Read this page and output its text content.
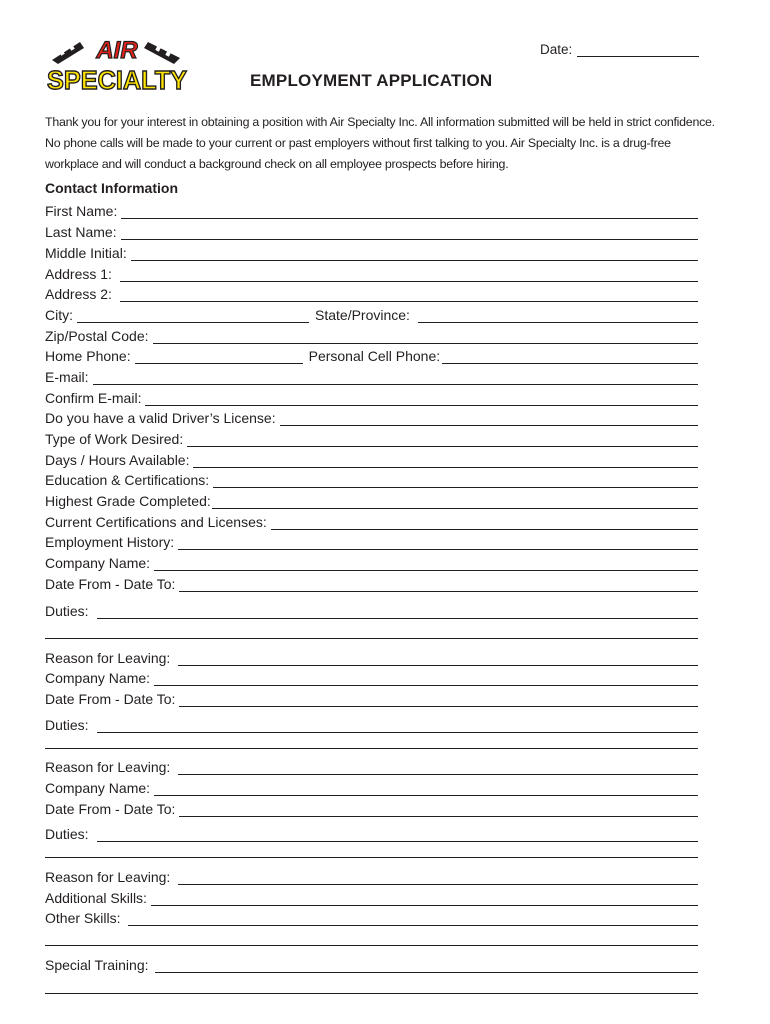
AIR
SPECIALTY
Date:
EMPLOYMENT APPLICATION
Thank you for your interest in obtaining a position with Air Specialty Inc. All information submitted will be held in strict confidence. No phone calls will be made to your current or past employers without first talking to you. Air Specialty Inc. is a drug-free workplace and will conduct a background check on all employee prospects before hiring.
Contact Information
First Name:
Last Name:
Middle Initial:
Address 1:
Address 2:
City:	State/Province:
Zip/Postal Code:
Home Phone:	Personal Cell Phone:
E-mail:
Confirm E-mail:
Do you have a valid Driver’s License:
Type of Work Desired:
Days / Hours Available:
Education & Certifications:
Highest Grade Completed:
Current Certifications and Licenses:
Employment History:
Company Name:
Date From - Date To:
Duties:
Reason for Leaving:
Company Name:
Date From - Date To:
Duties:
Reason for Leaving:
Company Name:
Date From - Date To:
Duties:
Reason for Leaving:
Additional Skills:
Other Skills:
Special Training:
